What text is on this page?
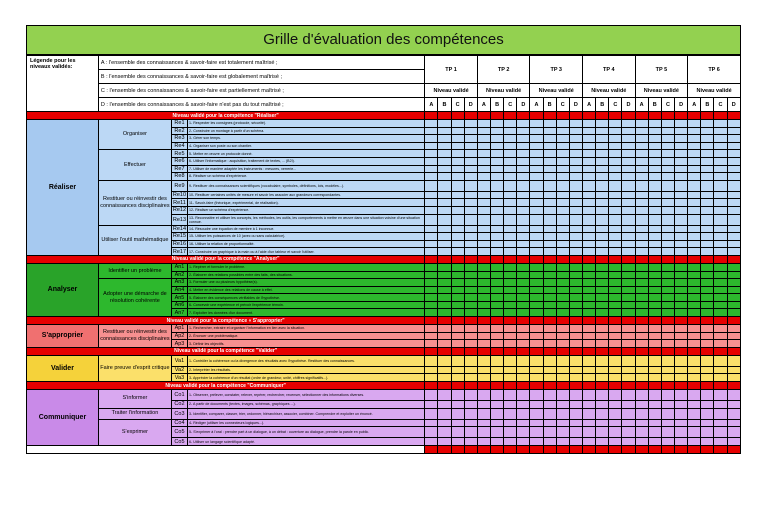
Grille d'évaluation des compétences
Légende pour les niveaux validés:	A : l'ensemble des connaissances & savoir-faire est totalement maîtrisé ;			TP 1				TP 2				TP 3				TP 4				TP 5				TP 6			
	B : l'ensemble des connaissances & savoir-faire est globalement maîtrisé ;																										
	C : l'ensemble des connaissances & savoir-faire est partiellement maîtrisé ;			Niveau validé				Niveau validé				Niveau validé				Niveau validé				Niveau validé				Niveau validé			
	D : l'ensemble des connaissances & savoir-faire n'est pas du tout maîtrisé ;			A	B	C	D	A	B	C	D	A	B	C	D	A	B	C	D	A	B	C	D	A	B	C	D
Niveau validé pour la compétence "Réaliser"																											
Réaliser	Organiser	Re1	1- Respecter les consignes (protocole, sécurité).																								
		Re2	2- Construire un montage à partir d'un schéma.																								
		Re3	3- Gérer son temps.																								
		Re4	4- Organiser son poste ou son chantier.																								
	Effectuer	Re5	5- Mettre en œuvre un protocole donné.																								
		Re6	6- Utiliser l'informatique : acquisition, traitement de textes, ... (B2I).																								
		Re7	7- Utiliser de manière adaptée les instruments : mesures, verrerie...																								
		Re8	8- Réaliser un schéma d'expérience.																								
	Restituer ou réinvestir des connaissances disciplinaires	Re9	9- Restituer des connaissances scientifiques (vocabulaire, symboles, définitions, lois, modèles...).																								
		Re10	10- Restituer certaines unités de mesure et savoir les associer aux grandeurs correspondantes.																								
		Re11	11- Savoir-faire (théorique, expérimental, de réalisation).																								
		Re12	12- Réaliser un schéma d'expérience.																								
		Re13	13- Reconnaître et utiliser les concepts, les méthodes, les outils, les comportements à mettre en œuvre dans une situation voisine d'une situation connue.																								
	Utiliser l'outil mathématique	Re14	14- Résoudre une équation de membre à 1 inconnue.																								
		Re15	15- Utiliser les puissances de 10 (avec ou sans calculatrice).																								
		Re16	16- Utiliser la relation de proportionnalité.																								
		Re17	17- Construire un graphique à la main ou à l'aide d'un tableur et savoir l'utiliser.																								
Niveau validé pour la compétence "Analyser"																											
Analyser	Identifier un problème	An1	1- Repérer et formuler le problème.																								
		An2	2- Élaborer des relations possibles entre des faits, des situations.																								
	Adopter une démarche de résolution cohérente	An3	3- Formuler une ou plusieurs hypothèse(s).																								
		An4	4- Mettre en évidence des relations de cause à effet.																								
		An5	5- Élaborer des conséquences vérifiables de l'hypothèse.																								
		An6	6- Concevoir une expérience et prévoir l'expérience témoin.																								
		An7	7- Exploiter les données d'un document.																								
Niveau validé pour la compétence « S'approprier"																											
S'approprier	Restituer ou réinvestir des connaissances disciplinaires	Ap1	1- Rechercher, extraire et organiser l'information en lien avec la situation.																								
		Ap2	2- Énoncer une problématique.																								
		Ap3	3- Définir les objectifs.																								
Niveau validé pour la compétence "Valider"																											
Valider	Faire preuve d'esprit critique	Va1	1- Contrôler la cohérence ou la divergence des résultats avec l'hypothèse. Restituer des connaissances.																								
		Va2	2- Interpréter les résultats.																								
		Va3	3- Apprécier la cohérence d'un résultat (ordre de grandeur, unité, chiffres significatifs...).																								
Niveau validé pour la compétence "Communiquer"																											
Communiquer	S'informer	Co1	1- Observer, prélever, constater, relever, repérer, rechercher, recenser, sélectionner des informations diverses.																								
		Co2	2- A partir de documents (textes, images, schémas, graphiques ...).																								
	Traiter l'information	Co3	3- Identifier, comparer, classer, trier, ordonner, hiérarchiser, associer, combiner. Comprendre et exploiter un énoncé.																								
	S'exprimer	Co4	4- Rédiger (utiliser les connecteurs logiques...).																								
		Co5	5- S'exprimer à l'oral : prendre part à un dialogue, à un débat : ouverture au dialogue, prendre la parole en public.																								
		Co5	6- Utiliser un langage scientifique adapté.																								
